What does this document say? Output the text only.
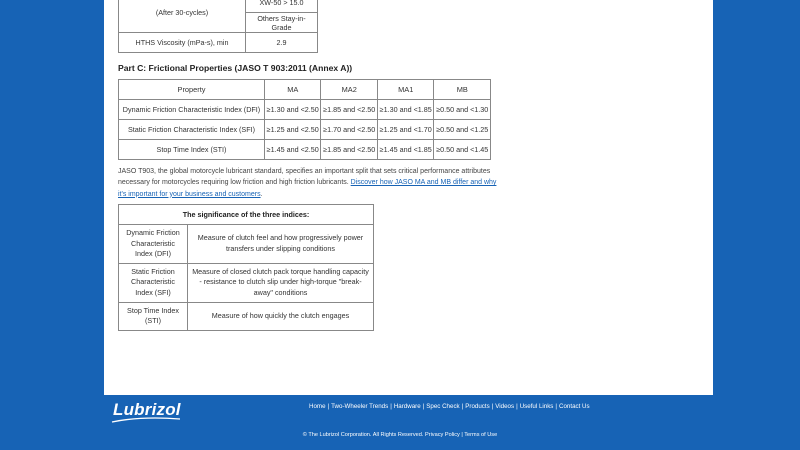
(After 30-cycles)	XW-50 > 15.0
	Others Stay-in-Grade
HTHS Viscosity (mPa-s), min	2.9
Part C: Frictional Properties (JASO T 903:2011 (Annex A))
Property	MA	MA2	MA1	MB
Dynamic Friction Characteristic Index (DFI)	≥1.30 and <2.50	≥1.85 and <2.50	≥1.30 and <1.85	≥0.50 and <1.30
Static Friction Characteristic Index (SFI)	≥1.25 and <2.50	≥1.70 and <2.50	≥1.25 and <1.70	≥0.50 and <1.25
Stop Time Index (STI)	≥1.45 and <2.50	≥1.85 and <2.50	≥1.45 and <1.85	≥0.50 and <1.45

JASO T903, the global motorcycle lubricant standard, specifies an important split that sets critical performance attributes necessary for motorcycles requiring low friction and high friction lubricants. Discover how JASO MA and MB differ and why it's important for your business and customers.

The significance of the three indices:	
Dynamic Friction Characteristic Index (DFI)	Measure of clutch feel and how progressively power transfers under slipping conditions
Static Friction Characteristic Index (SFI)	Measure of closed clutch pack torque handling capacity - resistance to clutch slip under high-torque "break-away" conditions
Stop Time Index (STI)	Measure of how quickly the clutch engages
Lubrizol	Home | Two-Wheeler Trends | Hardware | Spec Check | Products | Videos | Useful Links | Contact Us
© The Lubrizol Corporation. All Rights Reserved. Privacy Policy | Terms of Use
